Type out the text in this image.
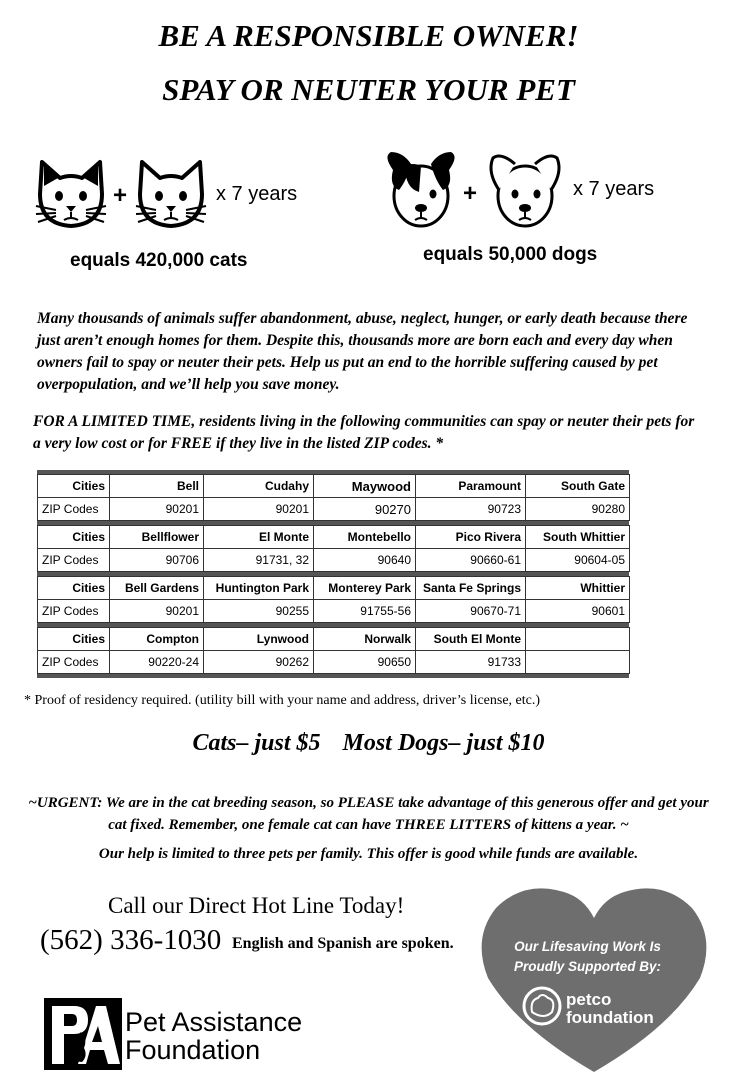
BE A RESPONSIBLE OWNER!
SPAY OR NEUTER YOUR PET
+	x 7 years
equals 420,000 cats
+	x 7 years
equals 50,000 dogs
Many thousands of animals suffer abandonment, abuse, neglect, hunger, or early death because there just aren’t enough homes for them. Despite this, thousands more are born each and every day when owners fail to spay or neuter their pets. Help us put an end to the horrible suffering caused by pet overpopulation, and we’ll help you save money.
FOR A LIMITED TIME, residents living in the following communities can spay or neuter their pets for a very low cost or for FREE if they live in the listed ZIP codes. *
Cities	Bell	Cudahy	Maywood	Paramount	South Gate
ZIP Codes	90201	90201	90270	90723	90280
Cities	Bellflower	El Monte	Montebello	Pico Rivera	South Whittier
ZIP Codes	90706	91731, 32	90640	90660-61	90604-05
Cities	Bell Gardens	Huntington Park	Monterey Park	Santa Fe Springs	Whittier
ZIP Codes	90201	90255	91755-56	90670-71	90601
Cities	Compton	Lynwood	Norwalk	South El Monte	
ZIP Codes	90220-24	90262	90650	91733	
* Proof of residency required. (utility bill with your name and address, driver’s license, etc.)
Cats– just $5 Most Dogs– just $10
~URGENT: We are in the cat breeding season, so PLEASE take advantage of this generous offer and get your cat fixed. Remember, one female cat can have THREE LITTERS of kittens a year. ~
Our help is limited to three pets per family. This offer is good while funds are available.
Call our Direct Hot Line Today!
(562) 336-1030 English and Spanish are spoken.
Pet Assistance
Foundation
Our Lifesaving Work Is
Proudly Supported By:
petco
foundation
